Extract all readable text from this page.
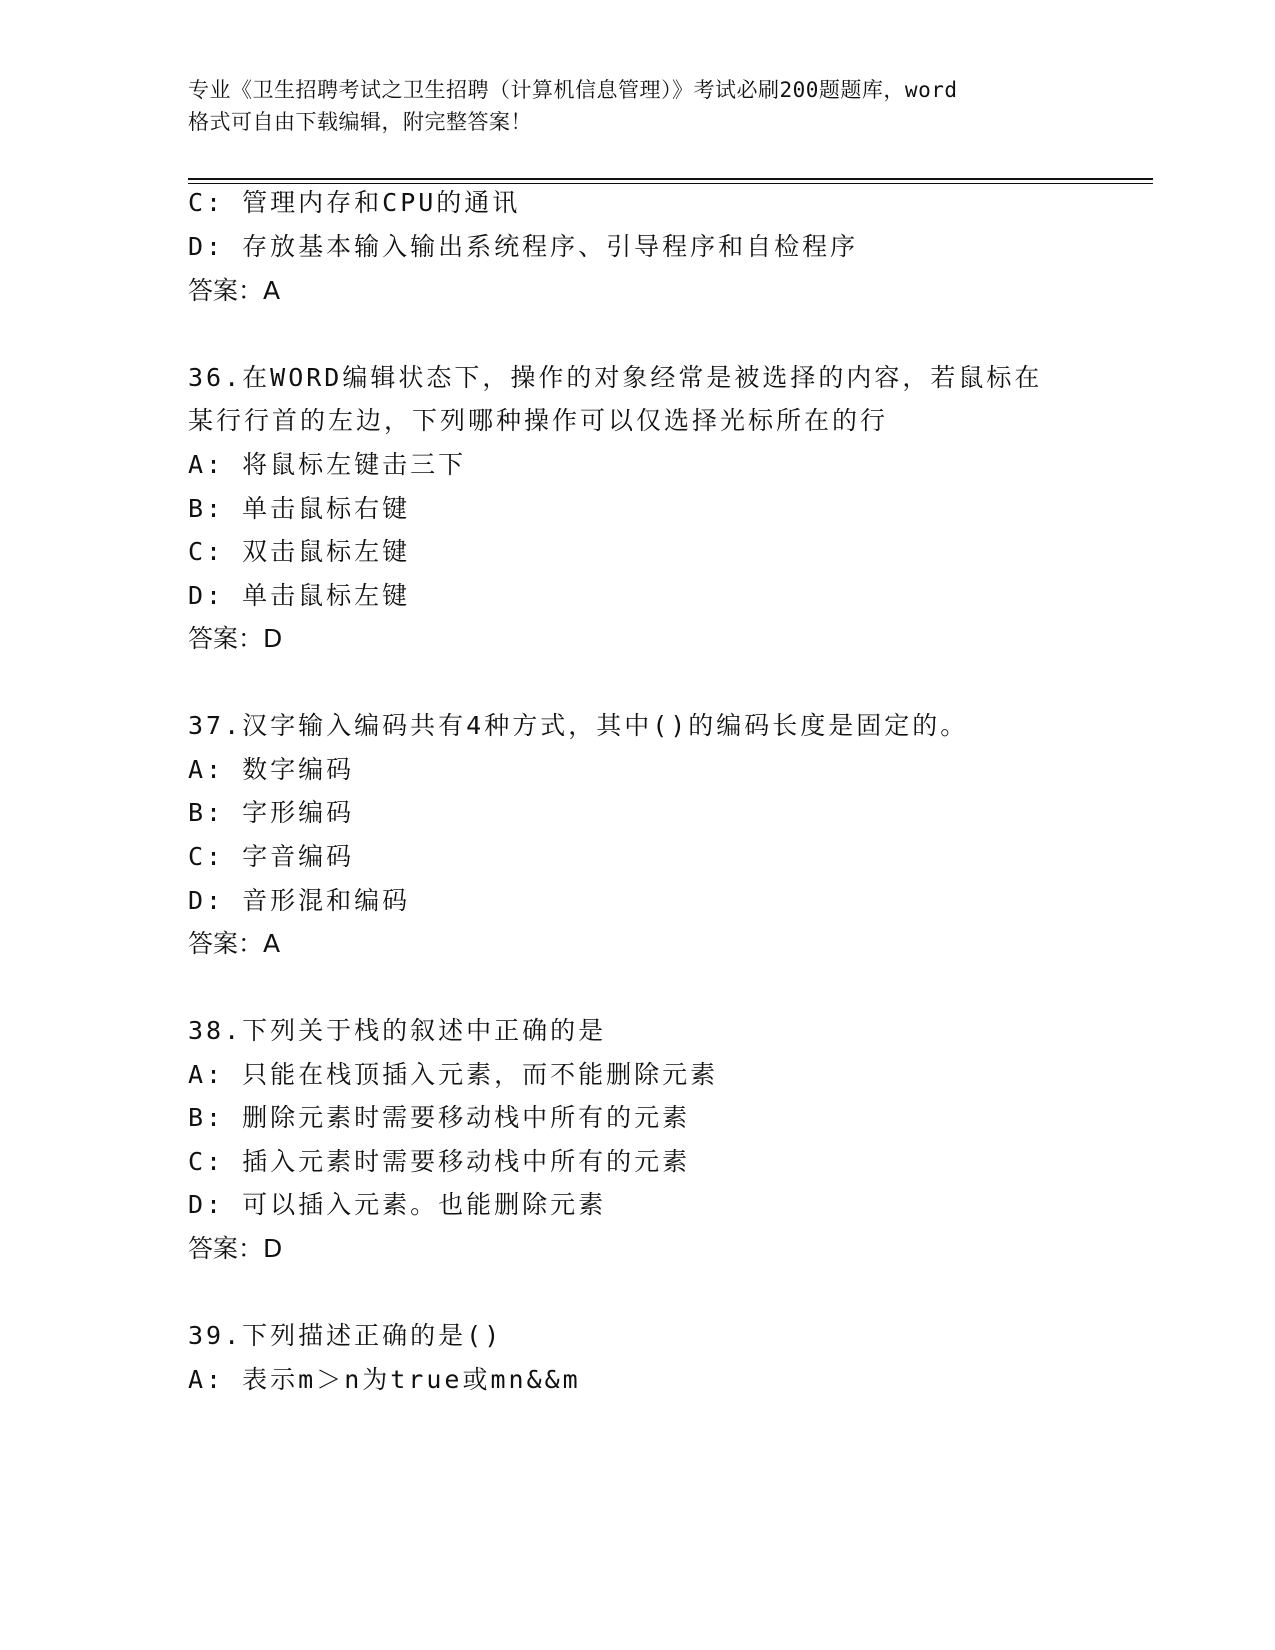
专业《卫生招聘考试之卫生招聘（计算机信息管理）》考试必刷200题题库，word
格式可自由下载编辑，附完整答案！
C: 管理内存和CPU的通讯
D: 存放基本输入输出系统程序、引导程序和自检程序
答案：A
36.在WORD编辑状态下，操作的对象经常是被选择的内容，若鼠标在
某行行首的左边，下列哪种操作可以仅选择光标所在的行
A: 将鼠标左键击三下
B: 单击鼠标右键
C: 双击鼠标左键
D: 单击鼠标左键
答案：D
37.汉字输入编码共有4种方式，其中()的编码长度是固定的。
A: 数字编码
B: 字形编码
C: 字音编码
D: 音形混和编码
答案：A
38.下列关于栈的叙述中正确的是
A: 只能在栈顶插入元素，而不能删除元素
B: 删除元素时需要移动栈中所有的元素
C: 插入元素时需要移动栈中所有的元素
D: 可以插入元素。也能删除元素
答案：D
39.下列描述正确的是()
A: 表示m＞n为true或mn&&m
